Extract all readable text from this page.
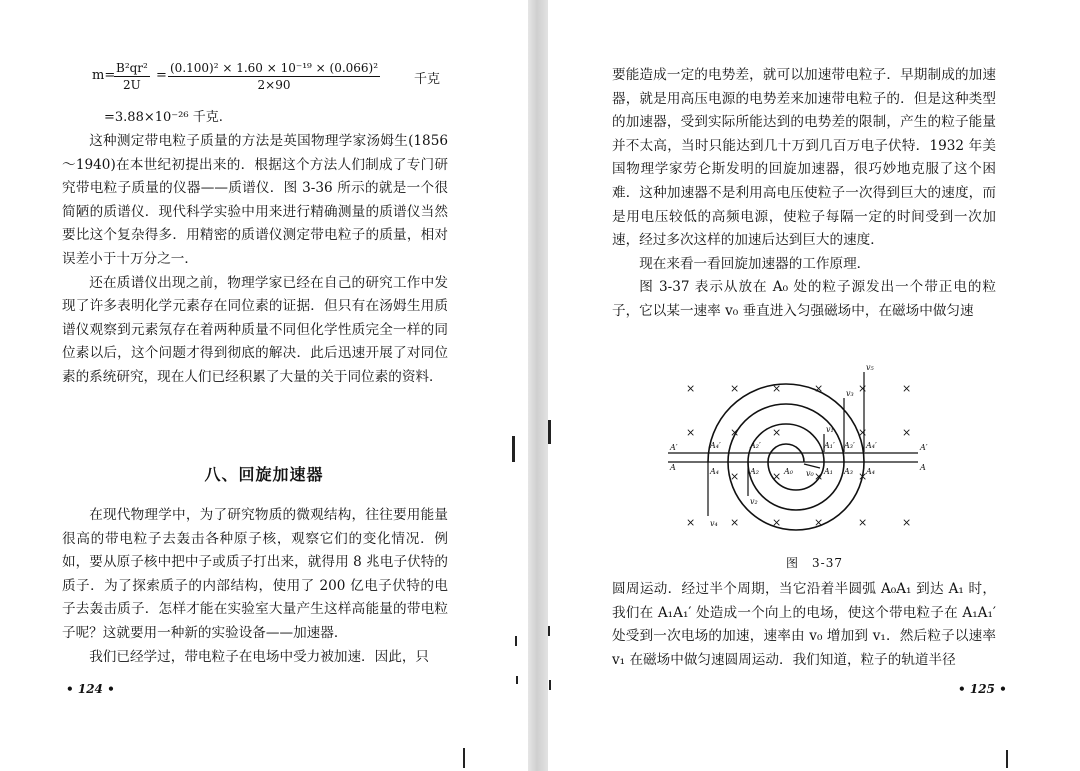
m=
$\frac{\text{B²qr²}}{2U} = \frac{\text{(0.100)² × 1.60 × 10⁻¹⁹ × (0.066)²}}{2\times 90}$	千克
=3.88×10⁻²⁶ 千克.

这种测定带电粒子质量的方法是英国物理学家汤姆生(1856～1940)在本世纪初提出来的．根据这个方法人们制成了专门研究带电粒子质量的仪器——质谱仪．图 3-36 所示的就是一个很简陋的质谱仪．现代科学实验中用来进行精确测量的质谱仪当然要比这个复杂得多．用精密的质谱仪测定带电粒子的质量，相对误差小于十万分之一．

还在质谱仪出现之前，物理学家已经在自己的研究工作中发现了许多表明化学元素存在同位素的证据．但只有在汤姆生用质谱仪观察到元素氖存在着两种质量不同但化学性质完全一样的同位素以后，这个问题才得到彻底的解决．此后迅速开展了对同位素的系统研究，现在人们已经积累了大量的关于同位素的资料．

八、回旋加速器

在现代物理学中，为了研究物质的微观结构，往往要用能量很高的带电粒子去轰击各种原子核，观察它们的变化情况．例如，要从原子核中把中子或质子打出来，就得用 8 兆电子伏特的质子．为了探索质子的内部结构，使用了 200 亿电子伏特的电子去轰击质子．怎样才能在实验室大量产生这样高能量的带电粒子呢？这就要用一种新的实验设备——加速器．

我们已经学过，带电粒子在电场中受力被加速．因此，只

• 124 •

要能造成一定的电势差，就可以加速带电粒子．早期制成的加速器，就是用高压电源的电势差来加速带电粒子的．但是这种类型的加速器，受到实际所能达到的电势差的限制，产生的粒子能量并不太高，当时只能达到几十万到几百万电子伏特．1932 年美国物理学家劳仑斯发明的回旋加速器，很巧妙地克服了这个困难．这种加速器不是利用高电压使粒子一次得到巨大的速度，而是用电压较低的高频电源，使粒子每隔一定的时间受到一次加速，经过多次这样的加速后达到巨大的速度．

现在来看一看回旋加速器的工作原理．

图 3-37 表示从放在 A₀ 处的粒子源发出一个带正电的粒子，它以某一速率 v₀ 垂直进入匀强磁场中，在磁场中做匀速

×	×	×	×	×	×
×	×	×	×	×
×	×	×	×
×	×	×	×	×	×
A′
A
A′
A
A₄
A₄′
A₂
A₂′
A₀	A₁
A₁′
A₃
A₃′
A₄
A₄′
v₀
v₁
v₂
v₃
v₄
v₅
图　3-37

圆周运动．经过半个周期，当它沿着半圆弧 A₀A₁ 到达 A₁ 时，我们在 A₁A₁′ 处造成一个向上的电场，使这个带电粒子在 A₁A₁′ 处受到一次电场的加速，速率由 v₀ 增加到 v₁．然后粒子以速率 v₁ 在磁场中做匀速圆周运动．我们知道，粒子的轨道半径

• 125 •
